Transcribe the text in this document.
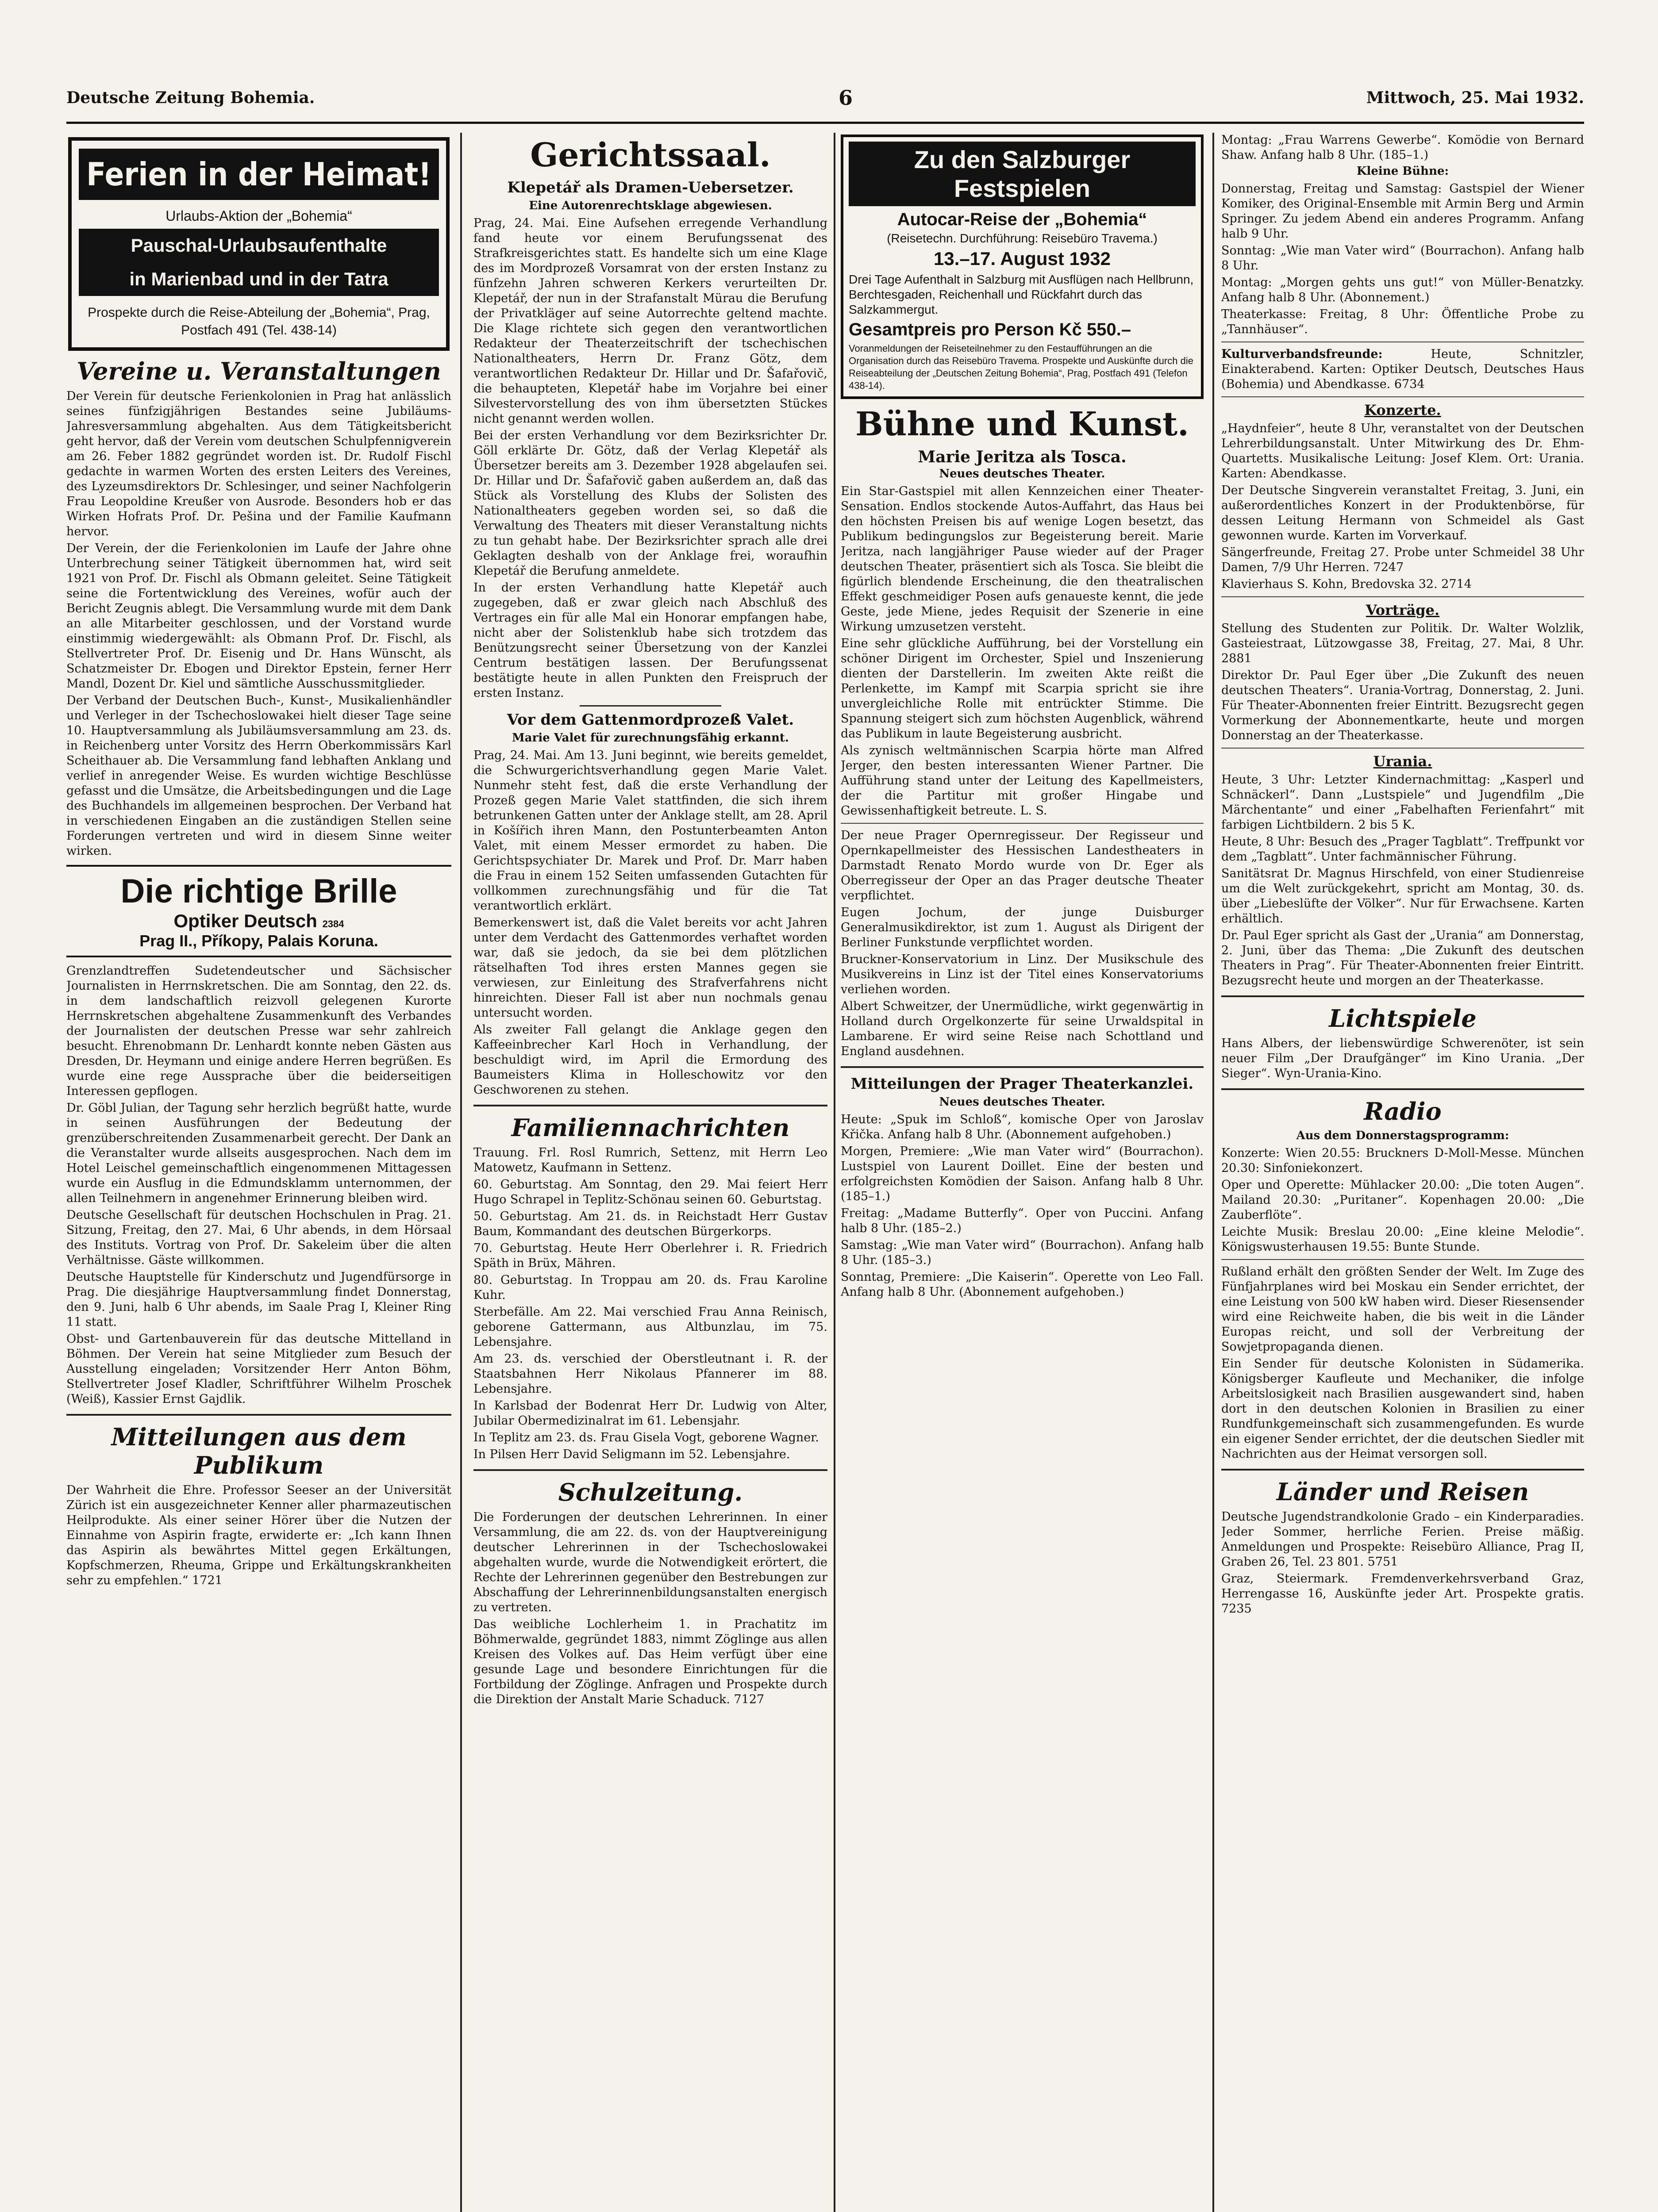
Deutsche Zeitung Bohemia.	6	Mittwoch, 25. Mai 1932.
Ferien in der Heimat!
Urlaubs-Aktion der „Bohemia“
Pauschal-Urlaubsaufenthalte
in Marienbad und in der Tatra
Prospekte durch die Reise-Abteilung der „Bohemia“, Prag, Postfach 491 (Tel. 438-14)
Vereine u. Veranstaltungen
Der Verein für deutsche Ferienkolonien in Prag hat anlässlich seines fünfzigjährigen Bestandes seine Jubiläums-Jahresversammlung abgehalten. Aus dem Tätigkeitsbericht geht hervor, daß der Verein vom deutschen Schulpfennigverein am 26. Feber 1882 gegründet worden ist. Dr. Rudolf Fischl gedachte in warmen Worten des ersten Leiters des Vereines, des Lyzeumsdirektors Dr. Schlesinger, und seiner Nachfolgerin Frau Leopoldine Kreußer von Ausrode. Besonders hob er das Wirken Hofrats Prof. Dr. Pešina und der Familie Kaufmann hervor.
Der Verein, der die Ferienkolonien im Laufe der Jahre ohne Unterbrechung seiner Tätigkeit übernommen hat, wird seit 1921 von Prof. Dr. Fischl als Obmann geleitet. Seine Tätigkeit seine die Fortentwicklung des Vereines, wofür auch der Bericht Zeugnis ablegt. Die Versammlung wurde mit dem Dank an alle Mitarbeiter geschlossen, und der Vorstand wurde einstimmig wiedergewählt: als Obmann Prof. Dr. Fischl, als Stellvertreter Prof. Dr. Eisenig und Dr. Hans Wünscht, als Schatzmeister Dr. Ebogen und Direktor Epstein, ferner Herr Mandl, Dozent Dr. Kiel und sämtliche Ausschussmitglieder.
Der Verband der Deutschen Buch-, Kunst-, Musikalienhändler und Verleger in der Tschechoslowakei hielt dieser Tage seine 10. Hauptversammlung als Jubiläumsversammlung am 23. ds. in Reichenberg unter Vorsitz des Herrn Oberkommissärs Karl Scheithauer ab. Die Versammlung fand lebhaften Anklang und verlief in anregender Weise. Es wurden wichtige Beschlüsse gefasst und die Umsätze, die Arbeitsbedingungen und die Lage des Buchhandels im allgemeinen besprochen. Der Verband hat in verschiedenen Eingaben an die zuständigen Stellen seine Forderungen vertreten und wird in diesem Sinne weiter wirken.
Die richtige Brille
Optiker Deutsch 2384
Prag II., Příkopy, Palais Koruna.
Grenzlandtreffen Sudetendeutscher und Sächsischer Journalisten in Herrnskretschen. Die am Sonntag, den 22. ds. in dem landschaftlich reizvoll gelegenen Kurorte Herrnskretschen abgehaltene Zusammenkunft des Verbandes der Journalisten der deutschen Presse war sehr zahlreich besucht. Ehrenobmann Dr. Lenhardt konnte neben Gästen aus Dresden, Dr. Heymann und einige andere Herren begrüßen. Es wurde eine rege Aussprache über die beiderseitigen Interessen gepflogen.
Dr. Göbl Julian, der Tagung sehr herzlich begrüßt hatte, wurde in seinen Ausführungen der Bedeutung der grenzüberschreitenden Zusammenarbeit gerecht. Der Dank an die Veranstalter wurde allseits ausgesprochen. Nach dem im Hotel Leischel gemeinschaftlich eingenommenen Mittagessen wurde ein Ausflug in die Edmundsklamm unternommen, der allen Teilnehmern in angenehmer Erinnerung bleiben wird.
Deutsche Gesellschaft für deutschen Hochschulen in Prag. 21. Sitzung, Freitag, den 27. Mai, 6 Uhr abends, in dem Hörsaal des Instituts. Vortrag von Prof. Dr. Sakeleim über die alten Verhältnisse. Gäste willkommen.
Deutsche Hauptstelle für Kinderschutz und Jugendfürsorge in Prag. Die diesjährige Hauptversammlung findet Donnerstag, den 9. Juni, halb 6 Uhr abends, im Saale Prag I, Kleiner Ring 11 statt.
Obst- und Gartenbauverein für das deutsche Mittelland in Böhmen. Der Verein hat seine Mitglieder zum Besuch der Ausstellung eingeladen; Vorsitzender Herr Anton Böhm, Stellvertreter Josef Kladler, Schriftführer Wilhelm Proschek (Weiß), Kassier Ernst Gajdlik.
Mitteilungen aus dem Publikum
Der Wahrheit die Ehre. Professor Seeser an der Universität Zürich ist ein ausgezeichneter Kenner aller pharmazeutischen Heilprodukte. Als einer seiner Hörer über die Nutzen der Einnahme von Aspirin fragte, erwiderte er: „Ich kann Ihnen das Aspirin als bewährtes Mittel gegen Erkältungen, Kopfschmerzen, Rheuma, Grippe und Erkältungskrankheiten sehr zu empfehlen.“ 1721
Gerichtssaal.
Klepetář als Dramen-Uebersetzer.
Eine Autorenrechtsklage abgewiesen.
Prag, 24. Mai. Eine Aufsehen erregende Verhandlung fand heute vor einem Berufungssenat des Strafkreisgerichtes statt. Es handelte sich um eine Klage des im Mordprozeß Vorsamrat von der ersten Instanz zu fünfzehn Jahren schweren Kerkers verurteilten Dr. Klepetář, der nun in der Strafanstalt Mürau die Berufung der Privatkläger auf seine Autorrechte geltend machte. Die Klage richtete sich gegen den verantwortlichen Redakteur der Theaterzeitschrift der tschechischen Nationaltheaters, Herrn Dr. Franz Götz, dem verantwortlichen Redakteur Dr. Hillar und Dr. Šafařovič, die behaupteten, Klepetář habe im Vorjahre bei einer Silvestervorstellung des von ihm übersetzten Stückes nicht genannt werden wollen.
Bei der ersten Verhandlung vor dem Bezirksrichter Dr. Göll erklärte Dr. Götz, daß der Verlag Klepetář als Übersetzer bereits am 3. Dezember 1928 abgelaufen sei. Dr. Hillar und Dr. Šafařovič gaben außerdem an, daß das Stück als Vorstellung des Klubs der Solisten des Nationaltheaters gegeben worden sei, so daß die Verwaltung des Theaters mit dieser Veranstaltung nichts zu tun gehabt habe. Der Bezirksrichter sprach alle drei Geklagten deshalb von der Anklage frei, woraufhin Klepetář die Berufung anmeldete.
In der ersten Verhandlung hatte Klepetář auch zugegeben, daß er zwar gleich nach Abschluß des Vertrages ein für alle Mal ein Honorar empfangen habe, nicht aber der Solistenklub habe sich trotzdem das Benützungsrecht seiner Übersetzung von der Kanzlei Centrum bestätigen lassen. Der Berufungssenat bestätigte heute in allen Punkten den Freispruch der ersten Instanz.
Vor dem Gattenmordprozeß Valet.
Marie Valet für zurechnungsfähig erkannt.
Prag, 24. Mai. Am 13. Juni beginnt, wie bereits gemeldet, die Schwurgerichtsverhandlung gegen Marie Valet. Nunmehr steht fest, daß die erste Verhandlung der Prozeß gegen Marie Valet stattfinden, die sich ihrem betrunkenen Gatten unter der Anklage stellt, am 28. April in Košířich ihren Mann, den Postunterbeamten Anton Valet, mit einem Messer ermordet zu haben. Die Gerichtspsychiater Dr. Marek und Prof. Dr. Marr haben die Frau in einem 152 Seiten umfassenden Gutachten für vollkommen zurechnungsfähig und für die Tat verantwortlich erklärt.
Bemerkenswert ist, daß die Valet bereits vor acht Jahren unter dem Verdacht des Gattenmordes verhaftet worden war, daß sie jedoch, da sie bei dem plötzlichen rätselhaften Tod ihres ersten Mannes gegen sie verwiesen, zur Einleitung des Strafverfahrens nicht hinreichten. Dieser Fall ist aber nun nochmals genau untersucht worden.
Als zweiter Fall gelangt die Anklage gegen den Kaffeeinbrecher Karl Hoch in Verhandlung, der beschuldigt wird, im April die Ermordung des Baumeisters Klima in Holleschowitz vor den Geschworenen zu stehen.
Familiennachrichten
Trauung. Frl. Rosl Rumrich, Settenz, mit Herrn Leo Matowetz, Kaufmann in Settenz.
60. Geburtstag. Am Sonntag, den 29. Mai feiert Herr Hugo Schrapel in Teplitz-Schönau seinen 60. Geburtstag.
50. Geburtstag. Am 21. ds. in Reichstadt Herr Gustav Baum, Kommandant des deutschen Bürgerkorps.
70. Geburtstag. Heute Herr Oberlehrer i. R. Friedrich Späth in Brüx, Mähren.
80. Geburtstag. In Troppau am 20. ds. Frau Karoline Kuhr.
Sterbefälle. Am 22. Mai verschied Frau Anna Reinisch, geborene Gattermann, aus Altbunzlau, im 75. Lebensjahre.
Am 23. ds. verschied der Oberstleutnant i. R. der Staatsbahnen Herr Nikolaus Pfannerer im 88. Lebensjahre.
In Karlsbad der Bodenrat Herr Dr. Ludwig von Alter, Jubilar Obermedizinalrat im 61. Lebensjahr.
In Teplitz am 23. ds. Frau Gisela Vogt, geborene Wagner.
In Pilsen Herr David Seligmann im 52. Lebensjahre.
Schulzeitung.
Die Forderungen der deutschen Lehrerinnen. In einer Versammlung, die am 22. ds. von der Hauptvereinigung deutscher Lehrerinnen in der Tschechoslowakei abgehalten wurde, wurde die Notwendigkeit erörtert, die Rechte der Lehrerinnen gegenüber den Bestrebungen zur Abschaffung der Lehrerinnenbildungsanstalten energisch zu vertreten.
Das weibliche Lochlerheim 1. in Prachatitz im Böhmerwalde, gegründet 1883, nimmt Zöglinge aus allen Kreisen des Volkes auf. Das Heim verfügt über eine gesunde Lage und besondere Einrichtungen für die Fortbildung der Zöglinge. Anfragen und Prospekte durch die Direktion der Anstalt Marie Schaduck. 7127
Zu den Salzburger Festspielen
Autocar-Reise der „Bohemia“
(Reisetechn. Durchführung: Reisebüro Travema.)
13.–17. August 1932
Drei Tage Aufenthalt in Salzburg mit Ausflügen nach Hellbrunn, Berchtesgaden, Reichenhall und Rückfahrt durch das Salzkammergut.
Gesamtpreis pro Person Kč 550.–
Voranmeldungen der Reiseteilnehmer zu den Festaufführungen an die Organisation durch das Reisebüro Travema. Prospekte und Auskünfte durch die Reiseabteilung der „Deutschen Zeitung Bohemia“, Prag, Postfach 491 (Telefon 438-14).
Bühne und Kunst.
Marie Jeritza als Tosca.
Neues deutsches Theater.
Ein Star-Gastspiel mit allen Kennzeichen einer Theater-Sensation. Endlos stockende Autos-Auffahrt, das Haus bei den höchsten Preisen bis auf wenige Logen besetzt, das Publikum bedingungslos zur Begeisterung bereit. Marie Jeritza, nach langjähriger Pause wieder auf der Prager deutschen Theater, präsentiert sich als Tosca. Sie bleibt die figürlich blendende Erscheinung, die den theatralischen Effekt geschmeidiger Posen aufs genaueste kennt, die jede Geste, jede Miene, jedes Requisit der Szenerie in eine Wirkung umzusetzen versteht.
Eine sehr glückliche Aufführung, bei der Vorstellung ein schöner Dirigent im Orchester, Spiel und Inszenierung dienten der Darstellerin. Im zweiten Akte reißt die Perlenkette, im Kampf mit Scarpia spricht sie ihre unvergleichliche Rolle mit entrückter Stimme. Die Spannung steigert sich zum höchsten Augenblick, während das Publikum in laute Begeisterung ausbricht.
Als zynisch weltmännischen Scarpia hörte man Alfred Jerger, den besten interessanten Wiener Partner. Die Aufführung stand unter der Leitung des Kapellmeisters, der die Partitur mit großer Hingabe und Gewissenhaftigkeit betreute. L. S.
Der neue Prager Opernregisseur. Der Regisseur und Opernkapellmeister des Hessischen Landestheaters in Darmstadt Renato Mordo wurde von Dr. Eger als Oberregisseur der Oper an das Prager deutsche Theater verpflichtet.
Eugen Jochum, der junge Duisburger Generalmusikdirektor, ist zum 1. August als Dirigent der Berliner Funkstunde verpflichtet worden.
Bruckner-Konservatorium in Linz. Der Musikschule des Musikvereins in Linz ist der Titel eines Konservatoriums verliehen worden.
Albert Schweitzer, der Unermüdliche, wirkt gegenwärtig in Holland durch Orgelkonzerte für seine Urwaldspital in Lambarene. Er wird seine Reise nach Schottland und England ausdehnen.
Mitteilungen der Prager Theaterkanzlei.
Neues deutsches Theater.
Heute: „Spuk im Schloß“, komische Oper von Jaroslav Křička. Anfang halb 8 Uhr. (Abonnement aufgehoben.)
Morgen, Premiere: „Wie man Vater wird“ (Bourrachon). Lustspiel von Laurent Doillet. Eine der besten und erfolgreichsten Komödien der Saison. Anfang halb 8 Uhr. (185–1.)
Freitag: „Madame Butterfly“. Oper von Puccini. Anfang halb 8 Uhr. (185–2.)
Samstag: „Wie man Vater wird“ (Bourrachon). Anfang halb 8 Uhr. (185–3.)
Sonntag, Premiere: „Die Kaiserin“. Operette von Leo Fall. Anfang halb 8 Uhr. (Abonnement aufgehoben.)
Montag: „Frau Warrens Gewerbe“. Komödie von Bernard Shaw. Anfang halb 8 Uhr. (185–1.)
Kleine Bühne:
Donnerstag, Freitag und Samstag: Gastspiel der Wiener Komiker, des Original-Ensemble mit Armin Berg und Armin Springer. Zu jedem Abend ein anderes Programm. Anfang halb 9 Uhr.
Sonntag: „Wie man Vater wird“ (Bourrachon). Anfang halb 8 Uhr.
Montag: „Morgen gehts uns gut!“ von Müller-Benatzky. Anfang halb 8 Uhr. (Abonnement.)
Theaterkasse: Freitag, 8 Uhr: Öffentliche Probe zu „Tannhäuser“.
Kulturverbandsfreunde:	Heute, Schnitzler, Einakterabend. Karten: Optiker Deutsch, Deutsches Haus (Bohemia) und Abendkasse. 6734
Konzerte.
„Haydnfeier“, heute 8 Uhr, veranstaltet von der Deutschen Lehrerbildungsanstalt. Unter Mitwirkung des Dr. Ehm-Quartetts. Musikalische Leitung: Josef Klem. Ort: Urania. Karten: Abendkasse.
Der Deutsche Singverein veranstaltet Freitag, 3. Juni, ein außerordentliches Konzert in der Produktenbörse, für dessen Leitung Hermann von Schmeidel als Gast gewonnen wurde. Karten im Vorverkauf.
Sängerfreunde, Freitag 27. Probe unter Schmeidel 38 Uhr Damen, 7/9 Uhr Herren. 7247
Klavierhaus S. Kohn, Bredovska 32. 2714
Vorträge.
Stellung des Studenten zur Politik. Dr. Walter Wolzlik, Gasteiestraat, Lützowgasse 38, Freitag, 27. Mai, 8 Uhr. 2881
Direktor Dr. Paul Eger über „Die Zukunft des neuen deutschen Theaters“. Urania-Vortrag, Donnerstag, 2. Juni. Für Theater-Abonnenten freier Eintritt. Bezugsrecht gegen Vormerkung der Abonnementkarte, heute und morgen Donnerstag an der Theaterkasse.
Urania.
Heute, 3 Uhr: Letzter Kindernachmittag: „Kasperl und Schnäckerl“. Dann „Lustspiele“ und Jugendfilm „Die Märchentante“ und einer „Fabelhaften Ferienfahrt“ mit farbigen Lichtbildern. 2 bis 5 K.
Heute, 8 Uhr: Besuch des „Prager Tagblatt“. Treffpunkt vor dem „Tagblatt“. Unter fachmännischer Führung.
Sanitätsrat Dr. Magnus Hirschfeld, von einer Studienreise um die Welt zurückgekehrt, spricht am Montag, 30. ds. über „Liebeslüfte der Völker“. Nur für Erwachsene. Karten erhältlich.
Dr. Paul Eger spricht als Gast der „Urania“ am Donnerstag, 2. Juni, über das Thema: „Die Zukunft des deutschen Theaters in Prag“. Für Theater-Abonnenten freier Eintritt. Bezugsrecht heute und morgen an der Theaterkasse.
Lichtspiele
Hans Albers, der liebenswürdige Schwerenöter, ist sein neuer Film „Der Draufgänger“ im Kino Urania. „Der Sieger“. Wyn-Urania-Kino.
Radio
Aus dem Donnerstagsprogramm:
Konzerte: Wien 20.55: Bruckners D-Moll-Messe. München 20.30: Sinfoniekonzert.
Oper und Operette: Mühlacker 20.00: „Die toten Augen“. Mailand 20.30: „Puritaner“. Kopenhagen 20.00: „Die Zauberflöte“.
Leichte Musik: Breslau 20.00: „Eine kleine Melodie“. Königswusterhausen 19.55: Bunte Stunde.
Rußland erhält den größten Sender der Welt. Im Zuge des Fünfjahrplanes wird bei Moskau ein Sender errichtet, der eine Leistung von 500 kW haben wird. Dieser Riesensender wird eine Reichweite haben, die bis weit in die Länder Europas reicht, und soll der Verbreitung der Sowjetpropaganda dienen.
Ein Sender für deutsche Kolonisten in Südamerika. Königsberger Kaufleute und Mechaniker, die infolge Arbeitslosigkeit nach Brasilien ausgewandert sind, haben dort in den deutschen Kolonien in Brasilien zu einer Rundfunkgemeinschaft sich zusammengefunden. Es wurde ein eigener Sender errichtet, der die deutschen Siedler mit Nachrichten aus der Heimat versorgen soll.
Länder und Reisen
Deutsche Jugendstrandkolonie Grado – ein Kinderparadies. Jeder Sommer, herrliche Ferien. Preise mäßig. Anmeldungen und Prospekte: Reisebüro Alliance, Prag II, Graben 26, Tel. 23 801. 5751
Graz, Steiermark. Fremdenverkehrsverband Graz, Herrengasse 16, Auskünfte jeder Art. Prospekte gratis. 7235
